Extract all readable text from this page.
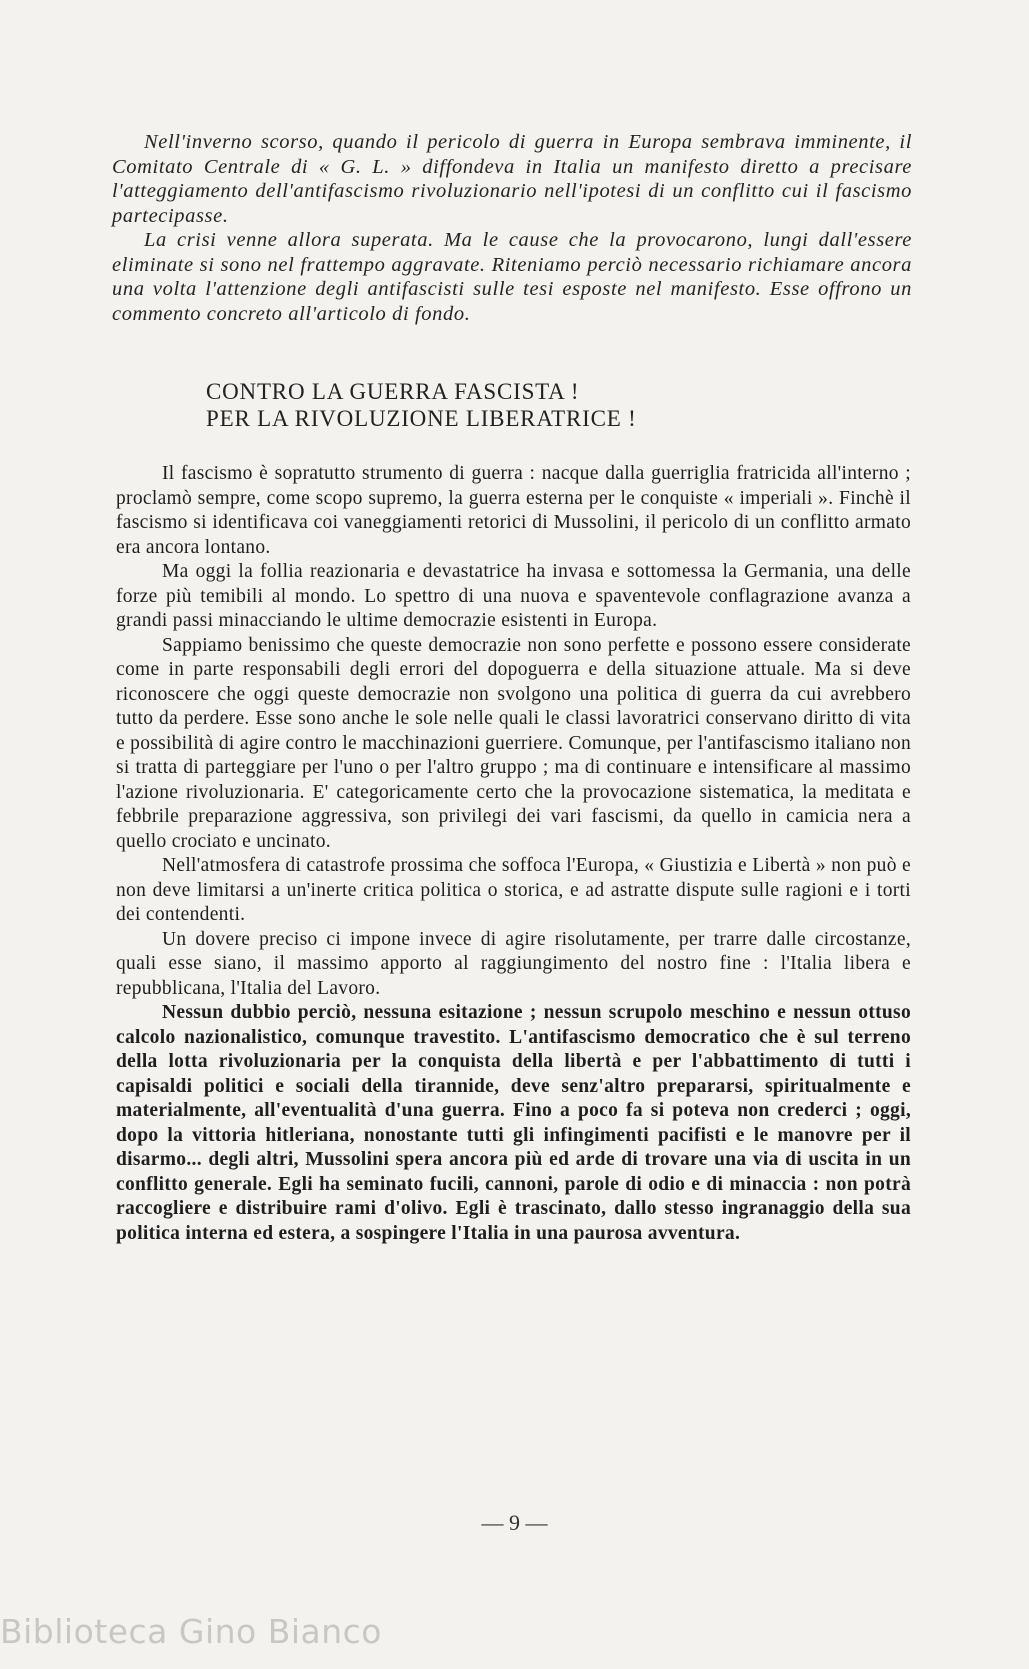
Nell'inverno scorso, quando il pericolo di guerra in Europa sembrava imminente, il Comitato Centrale di « G. L. » diffondeva in Italia un manifesto diretto a precisare l'atteggiamento dell'antifascismo rivoluzionario nell'ipotesi di un conflitto cui il fascismo partecipasse.

La crisi venne allora superata. Ma le cause che la provocarono, lungi dall'essere eliminate si sono nel frattempo aggravate. Riteniamo perciò necessario richiamare ancora una volta l'attenzione degli antifascisti sulle tesi esposte nel manifesto. Esse offrono un commento concreto all'articolo di fondo.

CONTRO LA GUERRA FASCISTA !
PER LA RIVOLUZIONE LIBERATRICE !

Il fascismo è sopratutto strumento di guerra : nacque dalla guerriglia fratricida all'interno ; proclamò sempre, come scopo supremo, la guerra esterna per le conquiste « imperiali ». Finchè il fascismo si identificava coi vaneggiamenti retorici di Mussolini, il pericolo di un conflitto armato era ancora lontano.

Ma oggi la follia reazionaria e devastatrice ha invasa e sottomessa la Germania, una delle forze più temibili al mondo. Lo spettro di una nuova e spaventevole conflagrazione avanza a grandi passi minacciando le ultime democrazie esistenti in Europa.

Sappiamo benissimo che queste democrazie non sono perfette e possono essere considerate come in parte responsabili degli errori del dopoguerra e della situazione attuale. Ma si deve riconoscere che oggi queste democrazie non svolgono una politica di guerra da cui avrebbero tutto da perdere. Esse sono anche le sole nelle quali le classi lavoratrici conservano diritto di vita e possibilità di agire contro le macchinazioni guerriere. Comunque, per l'antifascismo italiano non si tratta di parteggiare per l'uno o per l'altro gruppo ; ma di continuare e intensificare al massimo l'azione rivoluzionaria. E' categoricamente certo che la provocazione sistematica, la meditata e febbrile preparazione aggressiva, son privilegi dei vari fascismi, da quello in camicia nera a quello crociato e uncinato.

Nell'atmosfera di catastrofe prossima che soffoca l'Europa, « Giustizia e Libertà » non può e non deve limitarsi a un'inerte critica politica o storica, e ad astratte dispute sulle ragioni e i torti dei contendenti.

Un dovere preciso ci impone invece di agire risolutamente, per trarre dalle circostanze, quali esse siano, il massimo apporto al raggiungimento del nostro fine : l'Italia libera e repubblicana, l'Italia del Lavoro.

Nessun dubbio perciò, nessuna esitazione ; nessun scrupolo meschino e nessun ottuso calcolo nazionalistico, comunque travestito. L'antifascismo democratico che è sul terreno della lotta rivoluzionaria per la conquista della libertà e per l'abbattimento di tutti i capisaldi politici e sociali della tirannide, deve senz'altro prepararsi, spiritualmente e materialmente, all'eventualità d'una guerra. Fino a poco fa si poteva non crederci ; oggi, dopo la vittoria hitleriana, nonostante tutti gli infingimenti pacifisti e le manovre per il disarmo... degli altri, Mussolini spera ancora più ed arde di trovare una via di uscita in un conflitto generale. Egli ha seminato fucili, cannoni, parole di odio e di minaccia : non potrà raccogliere e distribuire rami d'olivo. Egli è trascinato, dallo stesso ingranaggio della sua politica interna ed estera, a sospingere l'Italia in una paurosa avventura.

— 9 —
Biblioteca Gino Bianco
